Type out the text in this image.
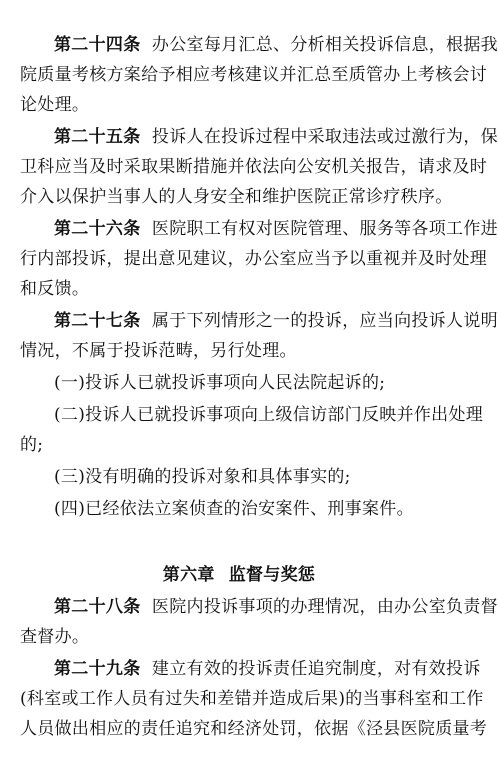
第二十四条 办公室每月汇总、分析相关投诉信息，根据我
院质量考核方案给予相应考核建议并汇总至质管办上考核会讨
论处理。
第二十五条 投诉人在投诉过程中采取违法或过激行为，保
卫科应当及时采取果断措施并依法向公安机关报告，请求及时
介入以保护当事人的人身安全和维护医院正常诊疗秩序。
第二十六条 医院职工有权对医院管理、服务等各项工作进
行内部投诉，提出意见建议，办公室应当予以重视并及时处理
和反馈。
第二十七条 属于下列情形之一的投诉，应当向投诉人说明
情况，不属于投诉范畴，另行处理。
(一)投诉人已就投诉事项向人民法院起诉的;
(二)投诉人已就投诉事项向上级信访部门反映并作出处理
的;
(三)没有明确的投诉对象和具体事实的;
(四)已经依法立案侦查的治安案件、刑事案件。
第六章 监督与奖惩
第二十八条 医院内投诉事项的办理情况，由办公室负责督
查督办。
第二十九条 建立有效的投诉责任追究制度，对有效投诉
(科室或工作人员有过失和差错并造成后果)的当事科室和工作
人员做出相应的责任追究和经济处罚，依据《泾县医院质量考
